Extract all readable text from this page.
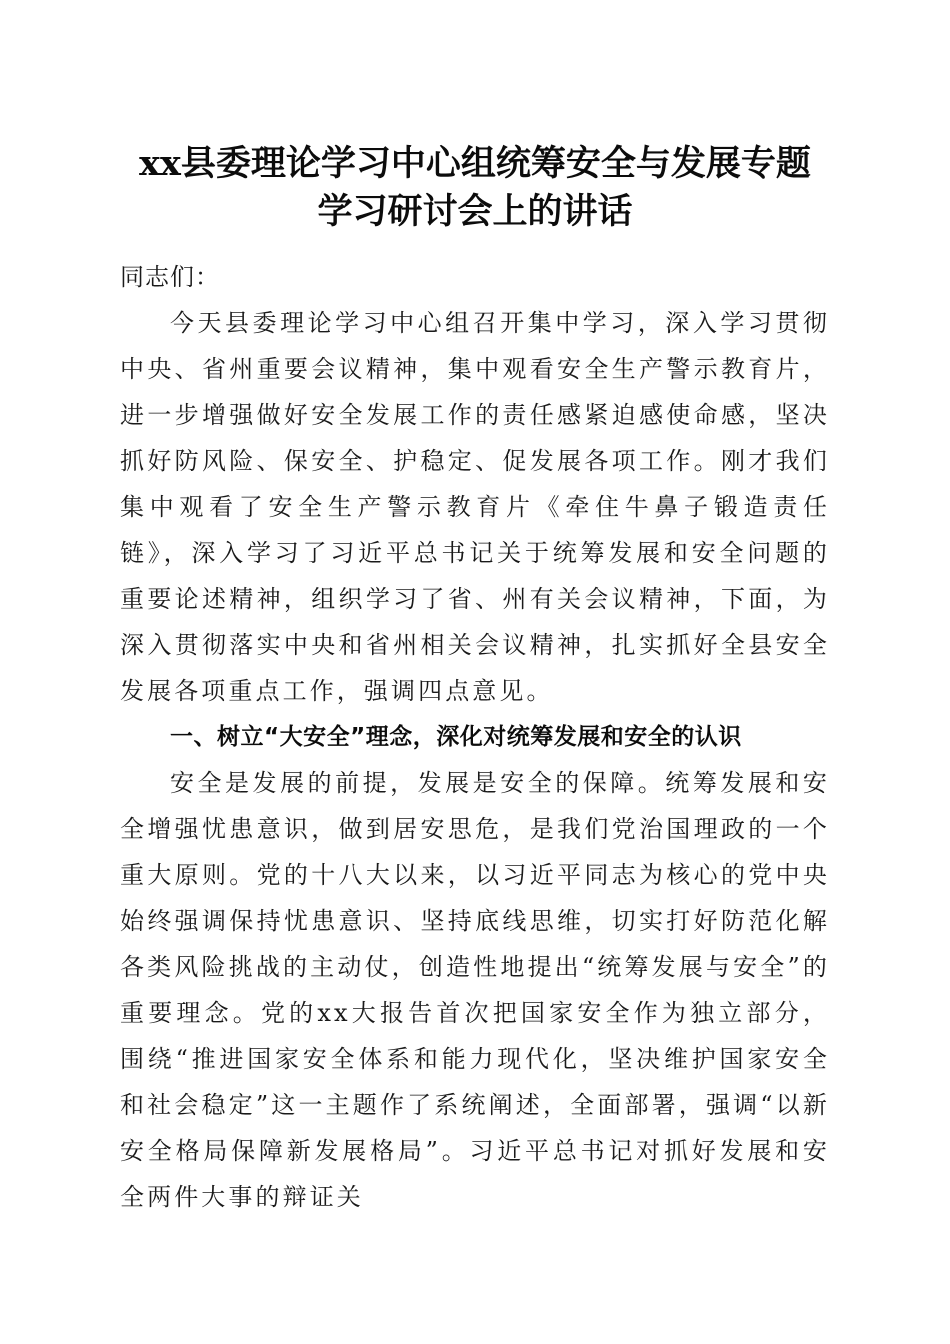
xx县委理论学习中心组统筹安全与发展专题
学习研讨会上的讲话

同志们：

今天县委理论学习中心组召开集中学习，深入学习贯彻中央、省州重要会议精神，集中观看安全生产警示教育片，进一步增强做好安全发展工作的责任感紧迫感使命感，坚决抓好防风险、保安全、护稳定、促发展各项工作。刚才我们集中观看了安全生产警示教育片《牵住牛鼻子锻造责任链》，深入学习了习近平总书记关于统筹发展和安全问题的重要论述精神，组织学习了省、州有关会议精神，下面，为深入贯彻落实中央和省州相关会议精神，扎实抓好全县安全发展各项重点工作，强调四点意见。

一、树立“大安全”理念，深化对统筹发展和安全的认识

安全是发展的前提，发展是安全的保障。统筹发展和安全增强忧患意识，做到居安思危，是我们党治国理政的一个重大原则。党的十八大以来，以习近平同志为核心的党中央始终强调保持忧患意识、坚持底线思维，切实打好防范化解各类风险挑战的主动仗，创造性地提出“统筹发展与安全”的重要理念。党的xx大报告首次把国家安全作为独立部分，围绕“推进国家安全体系和能力现代化，坚决维护国家安全和社会稳定”这一主题作了系统阐述，全面部署，强调“以新安全格局保障新发展格局”。习近平总书记对抓好发展和安全两件大事的辩证关
